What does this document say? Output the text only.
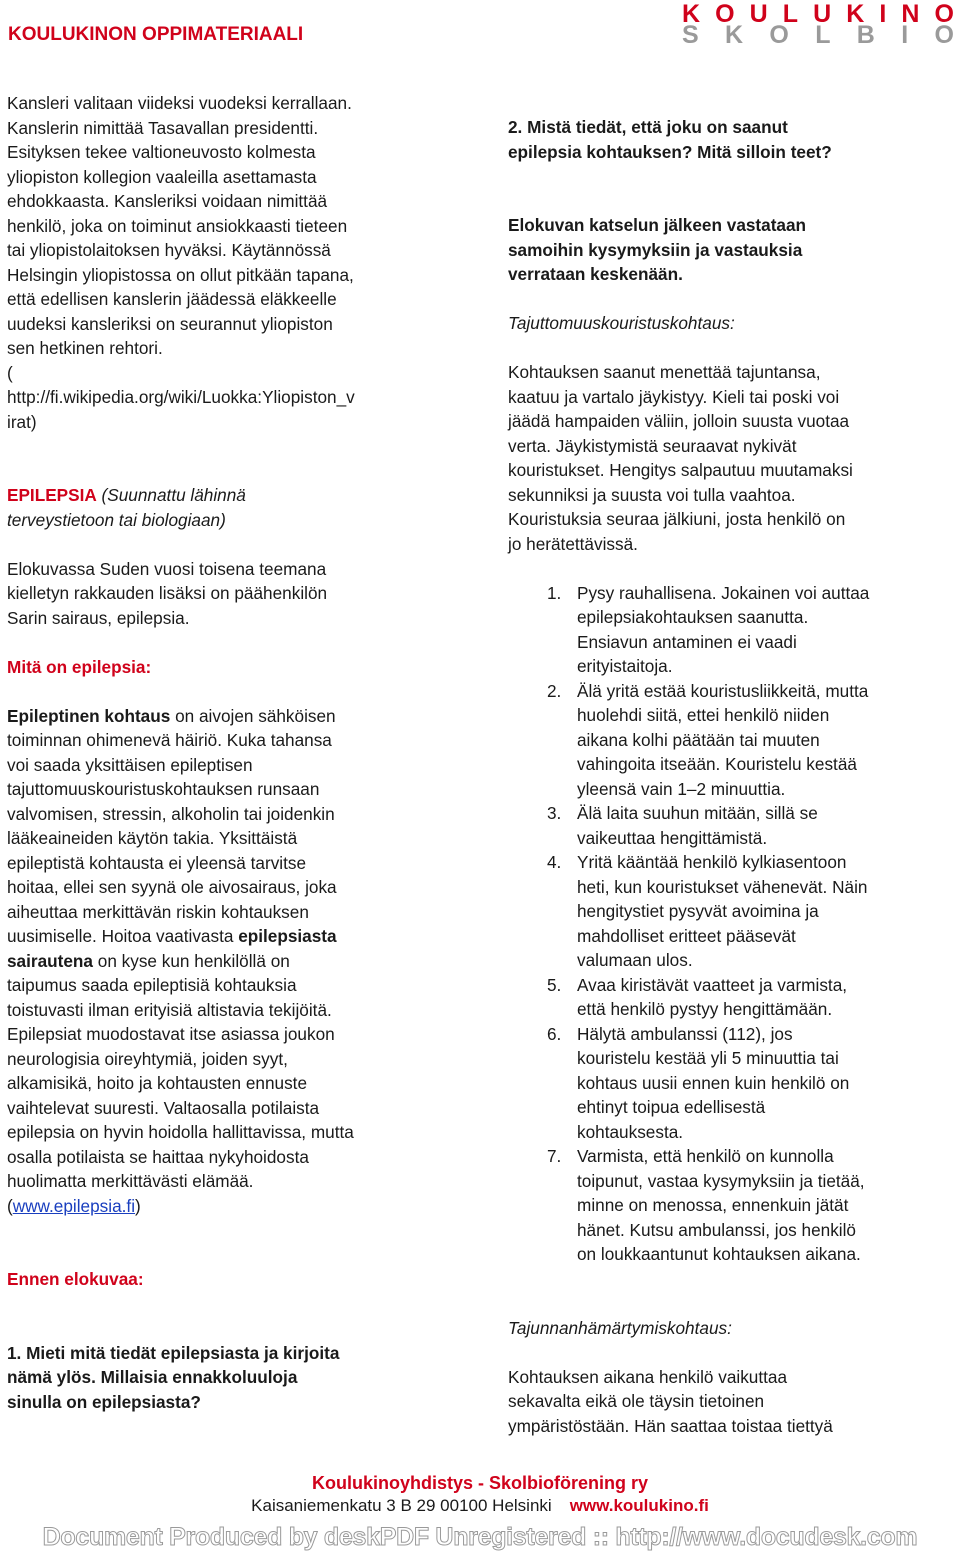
KOULUKINON OPPIMATERIAALI
K O U L U K I N O
S K O L B I O

Kansleri valitaan viideksi vuodeksi kerrallaan.

Kanslerin nimittää Tasavallan presidentti.

Esityksen tekee valtioneuvosto kolmesta

yliopiston kollegion vaaleilla asettamasta

ehdokkaasta. Kansleriksi voidaan nimittää

henkilö, joka on toiminut ansiokkaasti tieteen

tai yliopistolaitoksen hyväksi. Käytännössä

Helsingin yliopistossa on ollut pitkään tapana,

että edellisen kanslerin jäädessä eläkkeelle

uudeksi kansleriksi on seurannut yliopiston

sen hetkinen rehtori.

(

http://fi.wikipedia.org/wiki/Luokka:Yliopiston_v

irat)

EPILEPSIA (Suunnattu lähinnä

terveystietoon tai biologiaan)

Elokuvassa Suden vuosi toisena teemana

kielletyn rakkauden lisäksi on päähenkilön

Sarin sairaus, epilepsia.

Mitä on epilepsia:

Epileptinen kohtaus on aivojen sähköisen

toiminnan ohimenevä häiriö. Kuka tahansa

voi saada yksittäisen epileptisen

tajuttomuuskouristuskohtauksen runsaan

valvomisen, stressin, alkoholin tai joidenkin

lääkeaineiden käytön takia. Yksittäistä

epileptistä kohtausta ei yleensä tarvitse

hoitaa, ellei sen syynä ole aivosairaus, joka

aiheuttaa merkittävän riskin kohtauksen

uusimiselle. Hoitoa vaativasta epilepsiasta

sairautena on kyse kun henkilöllä on

taipumus saada epileptisiä kohtauksia

toistuvasti ilman erityisiä altistavia tekijöitä.

Epilepsiat muodostavat itse asiassa joukon

neurologisia oireyhtymiä, joiden syyt,

alkamisikä, hoito ja kohtausten ennuste

vaihtelevat suuresti. Valtaosalla potilaista

epilepsia on hyvin hoidolla hallittavissa, mutta

osalla potilaista se haittaa nykyhoidosta

huolimatta merkittävästi elämää.

(www.epilepsia.fi)

Ennen elokuvaa:

1. Mieti mitä tiedät epilepsiasta ja kirjoita

nämä ylös. Millaisia ennakkoluuloja

sinulla on epilepsiasta?

2. Mistä tiedät, että joku on saanut

epilepsia kohtauksen? Mitä silloin teet?

Elokuvan katselun jälkeen vastataan

samoihin kysymyksiin ja vastauksia

verrataan keskenään.

Tajuttomuuskouristuskohtaus:

Kohtauksen saanut menettää tajuntansa,

kaatuu ja vartalo jäykistyy. Kieli tai poski voi

jäädä hampaiden väliin, jolloin suusta vuotaa

verta. Jäykistymistä seuraavat nykivät

kouristukset. Hengitys salpautuu muutamaksi

sekunniksi ja suusta voi tulla vaahtoa.

Kouristuksia seuraa jälkiuni, josta henkilö on

jo herätettävissä.

1. Pysy rauhallisena. Jokainen voi auttaa

epilepsiakohtauksen saanutta.

Ensiavun antaminen ei vaadi

erityistaitoja.

2. Älä yritä estää kouristusliikkeitä, mutta

huolehdi siitä, ettei henkilö niiden

aikana kolhi päätään tai muuten

vahingoita itseään. Kouristelu kestää

yleensä vain 1–2 minuuttia.

3. Älä laita suuhun mitään, sillä se

vaikeuttaa hengittämistä.

4. Yritä kääntää henkilö kylkiasentoon

heti, kun kouristukset vähenevät. Näin

hengitystiet pysyvät avoimina ja

mahdolliset eritteet pääsevät

valumaan ulos.

5. Avaa kiristävät vaatteet ja varmista,

että henkilö pystyy hengittämään.

6. Hälytä ambulanssi (112), jos

kouristelu kestää yli 5 minuuttia tai

kohtaus uusii ennen kuin henkilö on

ehtinyt toipua edellisestä

kohtauksesta.

7. Varmista, että henkilö on kunnolla

toipunut, vastaa kysymyksiin ja tietää,

minne on menossa, ennenkuin jätät

hänet. Kutsu ambulanssi, jos henkilö

on loukkaantunut kohtauksen aikana.

Tajunnanhämärtymiskohtaus:

Kohtauksen aikana henkilö vaikuttaa

sekavalta eikä ole täysin tietoinen

ympäristöstään. Hän saattaa toistaa tiettyä

Koulukinoyhdistys - Skolbioförening ry
Kaisaniemenkatu 3 B 29 00100 Helsinki www.koulukino.fi
Document Produced by deskPDF Unregistered :: http://www.docudesk.com
